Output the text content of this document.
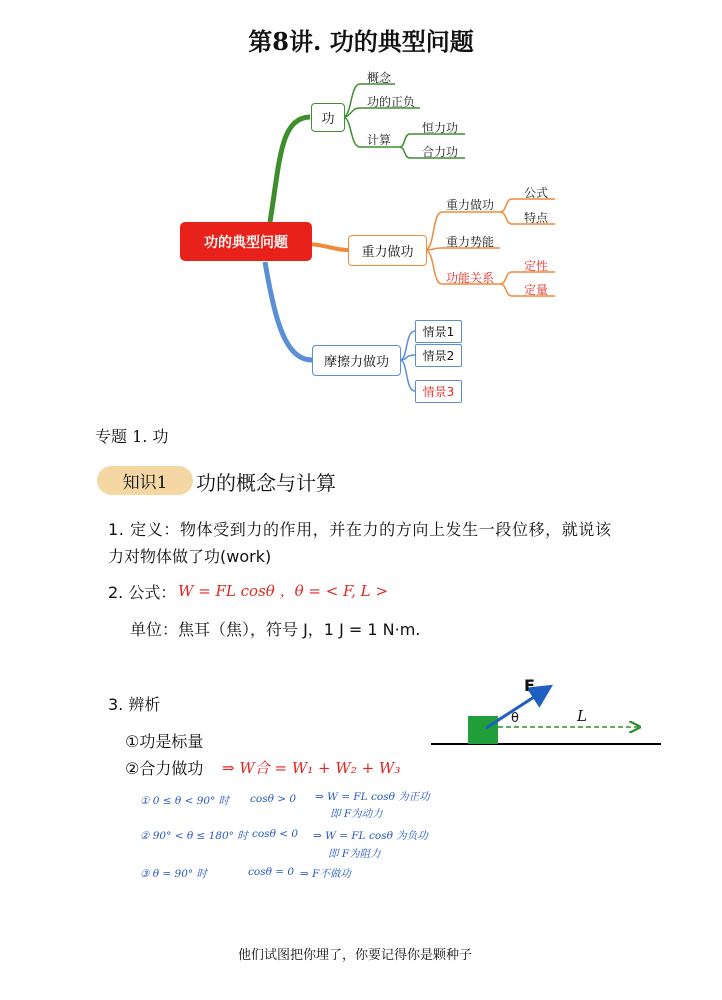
第8讲. 功的典型问题
功的典型问题
功
概念
功的正负
计算
恒力功
合力功
重力做功
重力做功
重力势能
功能关系
公式
特点
定性
定量
摩擦力做功
情景1
情景2
情景3
专题 1. 功
知识1 功的概念与计算
1. 定义：物体受到力的作用，并在力的方向上发生一段位移，就说该
力对物体做了功(work)
2. 公式： W = FL cosθ ，θ = < F, L >
单位：焦耳（焦），符号 J，1 J = 1 N·m.
3. 辨析
①功是标量
②合力做功 ⇒ W合 = W₁ + W₂ + W₃
① 0 ≤ θ < 90° 时 cosθ > 0 ⇒ W = FL cosθ 为正功
即 F为动力
② 90° < θ ≤ 180° 时 cosθ < 0 ⇒ W = FL cosθ 为负功
即 F为阻力
③ θ = 90° 时	cosθ = 0 ⇒ F不做功
F
θ	L
他们试图把你埋了，你要记得你是颗种子
